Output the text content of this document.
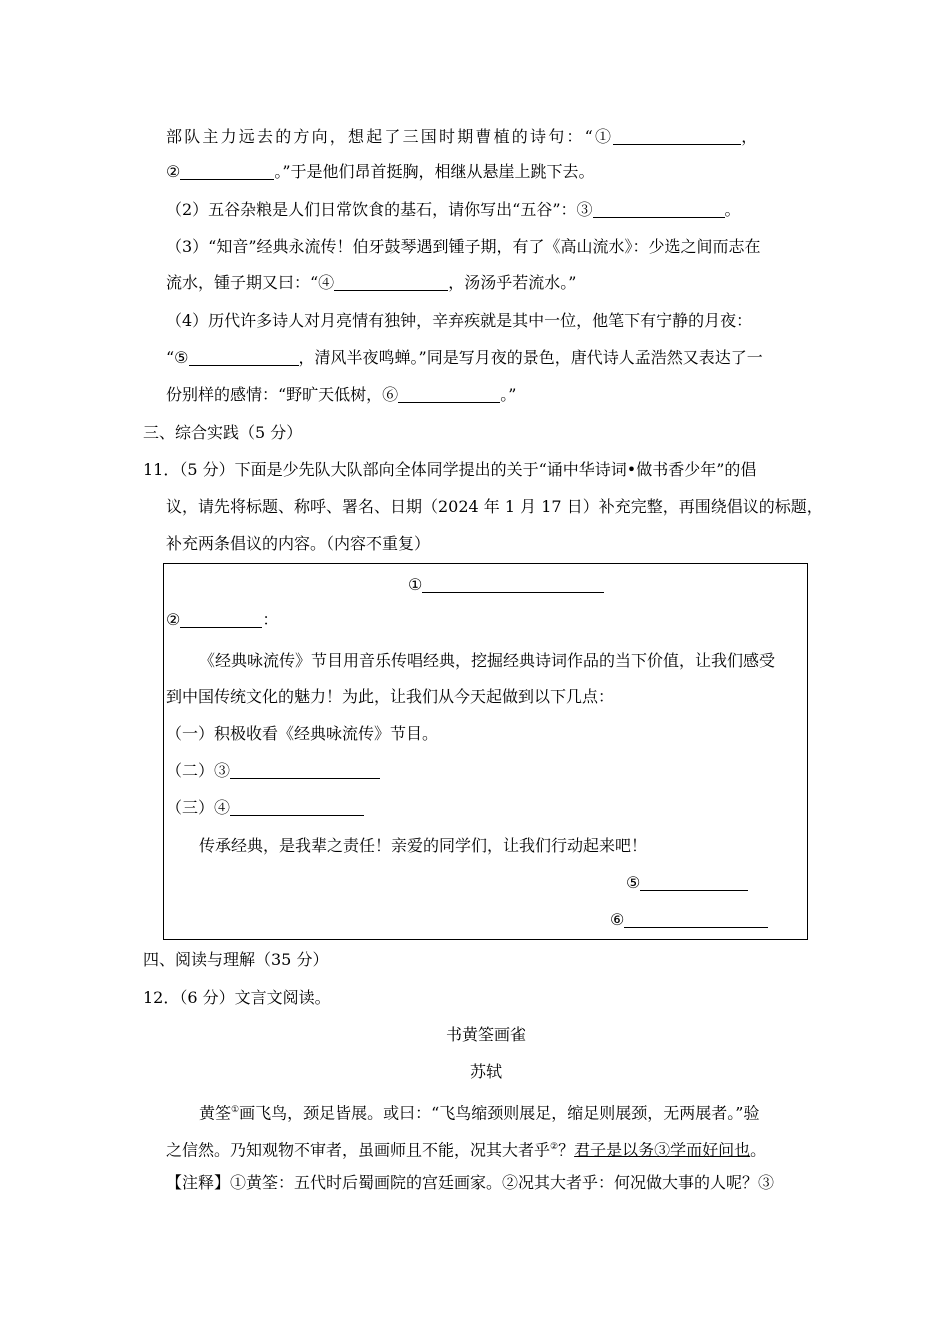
部队主力远去的方向，想起了三国时期曹植的诗句：“①	，
②	。”于是他们昂首挺胸，相继从悬崖上跳下去。
（2）五谷杂粮是人们日常饮食的基石，请你写出“五谷”：③	。
（3）“知音”经典永流传！伯牙鼓琴遇到锺子期，有了《高山流水》：少选之间而志在
流水，锺子期又曰：“④	，汤汤乎若流水。”
（4）历代许多诗人对月亮情有独钟，辛弃疾就是其中一位，他笔下有宁静的月夜：
“⑤	，清风半夜鸣蝉。”同是写月夜的景色，唐代诗人孟浩然又表达了一
份别样的感情：“野旷天低树，⑥	。”
三、综合实践（5 分）
11．（5 分）下面是少先队大队部向全体同学提出的关于“诵中华诗词•做书香少年”的倡
议，请先将标题、称呼、署名、日期（2024 年 1 月 17 日）补充完整，再围绕倡议的标题，
补充两条倡议的内容。（内容不重复）
①
②	：
《经典咏流传》节目用音乐传唱经典，挖掘经典诗词作品的当下价值，让我们感受
到中国传统文化的魅力！为此，让我们从今天起做到以下几点：
（一）积极收看《经典咏流传》节目。
（二）③
（三）④
传承经典，是我辈之责任！亲爱的同学们，让我们行动起来吧！
⑤
⑥
四、阅读与理解（35 分）
12．（6 分）文言文阅读。
书黄筌画雀
苏轼
黄筌①画飞鸟，颈足皆展。或曰：“飞鸟缩颈则展足，缩足则展颈，无两展者。”验
之信然。乃知观物不审者，虽画师且不能，况其大者乎②？君子是以务③学而好问也。
【注释】①黄筌：五代时后蜀画院的宫廷画家。②况其大者乎：何况做大事的人呢？③
